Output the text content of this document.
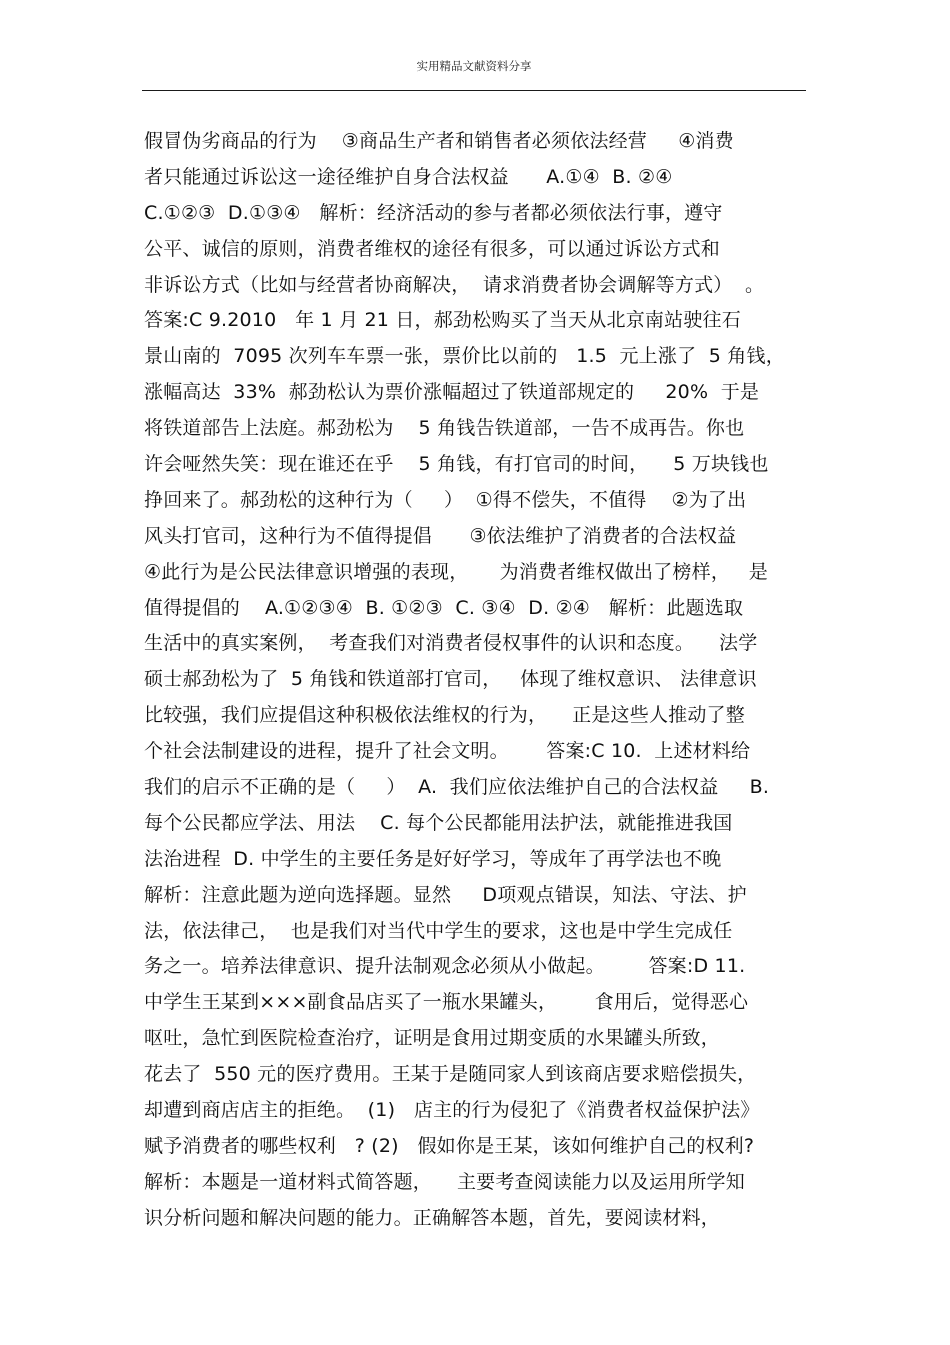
实用精品文献资料分享
假冒伪劣商品的行为    ③商品生产者和销售者必须依法经营     ④消费
者只能通过诉讼这一途径维护自身合法权益      A.①④  B. ②④
C.①②③  D.①③④   解析：经济活动的参与者都必须依法行事，遵守
公平、诚信的原则，消费者维权的途径有很多，可以通过诉讼方式和
非诉讼方式（比如与经营者协商解决，  请求消费者协会调解等方式）  。
答案:C 9.2010   年 1 月 21 日，郝劲松购买了当天从北京南站驶往石
景山南的  7095 次列车车票一张，票价比以前的   1.5  元上涨了  5 角钱，
涨幅高达  33%  郝劲松认为票价涨幅超过了铁道部规定的     20%  于是
将铁道部告上法庭。郝劲松为    5 角钱告铁道部，一告不成再告。你也
许会哑然失笑：现在谁还在乎    5 角钱，有打官司的时间，    5 万块钱也
挣回来了。郝劲松的这种行为（     ）  ①得不偿失，不值得    ②为了出
风头打官司，这种行为不值得提倡      ③依法维护了消费者的合法权益
④此行为是公民法律意识增强的表现，     为消费者维权做出了榜样，   是
值得提倡的    A.①②③④  B. ①②③  C. ③④  D. ②④   解析：此题选取
生活中的真实案例，  考查我们对消费者侵权事件的认识和态度。    法学
硕士郝劲松为了  5 角钱和铁道部打官司，   体现了维权意识、 法律意识
比较强，我们应提倡这种积极依法维权的行为，    正是这些人推动了整
个社会法制建设的进程，提升了社会文明。      答案:C 10.  上述材料给
我们的启示不正确的是（     ）  A.  我们应依法维护自己的合法权益     B.
每个公民都应学法、用法    C. 每个公民都能用法护法，就能推进我国
法治进程  D. 中学生的主要任务是好好学习，等成年了再学法也不晚
解析：注意此题为逆向选择题。显然     D项观点错误，知法、守法、护
法，依法律己，  也是我们对当代中学生的要求，这也是中学生完成任
务之一。培养法律意识、提升法制观念必须从小做起。       答案:D 11.
中学生王某到×××副食品店买了一瓶水果罐头，      食用后，觉得恶心
呕吐，急忙到医院检查治疗，证明是食用过期变质的水果罐头所致，
花去了  550 元的医疗费用。王某于是随同家人到该商店要求赔偿损失，
却遭到商店店主的拒绝。  (1)   店主的行为侵犯了《消费者权益保护法》
赋予消费者的哪些权利   ? (2)   假如你是王某，该如何维护自己的权利?
解析：本题是一道材料式简答题，    主要考查阅读能力以及运用所学知
识分析问题和解决问题的能力。正确解答本题，首先，要阅读材料，
